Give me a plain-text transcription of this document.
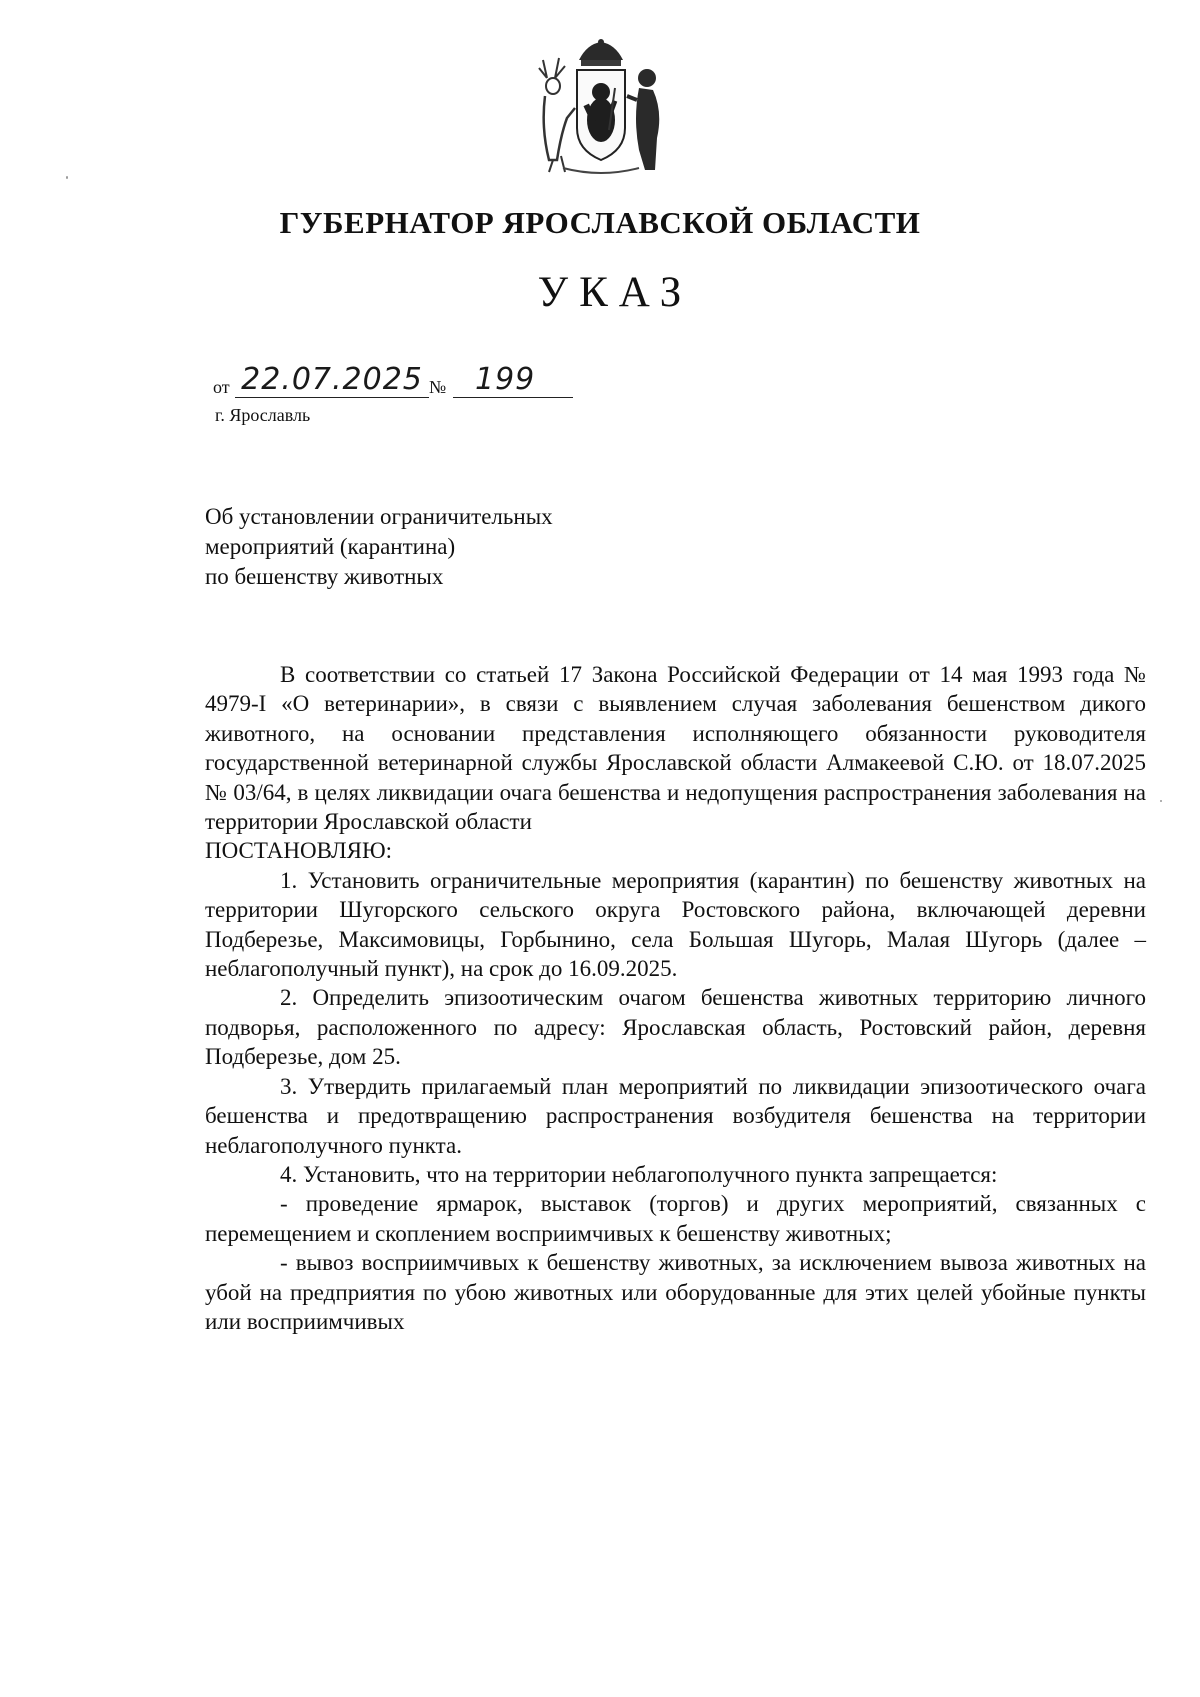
ГУБЕРНАТОР ЯРОСЛАВСКОЙ ОБЛАСТИ
УКАЗ
от 22.07.2025 № 199
г. Ярославль
Об установлении ограничительных
мероприятий (карантина)
по бешенству животных

В соответствии со статьей 17 Закона Российской Федерации от 14 мая 1993 года № 4979-I «О ветеринарии», в связи с выявлением случая заболевания бешенством дикого животного, на основании представления исполняющего обязанности руководителя государственной ветеринарной службы Ярославской области Алмакеевой С.Ю. от 18.07.2025 № 03/64, в целях ликвидации очага бешенства и недопущения распространения заболевания на территории Ярославской области

ПОСТАНОВЛЯЮ:

1. Установить ограничительные мероприятия (карантин) по бешенству животных на территории Шугорского сельского округа Ростовского района, включающей деревни Подберезье, Максимовицы, Горбынино, села Большая Шугорь, Малая Шугорь (далее – неблагополучный пункт), на срок до 16.09.2025.

2. Определить эпизоотическим очагом бешенства животных территорию личного подворья, расположенного по адресу: Ярославская область, Ростовский район, деревня Подберезье, дом 25.

3. Утвердить прилагаемый план мероприятий по ликвидации эпизоотического очага бешенства и предотвращению распространения возбудителя бешенства на территории неблагополучного пункта.

4. Установить, что на территории неблагополучного пункта запрещается:

- проведение ярмарок, выставок (торгов) и других мероприятий, связанных с перемещением и скоплением восприимчивых к бешенству животных;

- вывоз восприимчивых к бешенству животных, за исключением вывоза животных на убой на предприятия по убою животных или оборудованные для этих целей убойные пункты или восприимчивых
